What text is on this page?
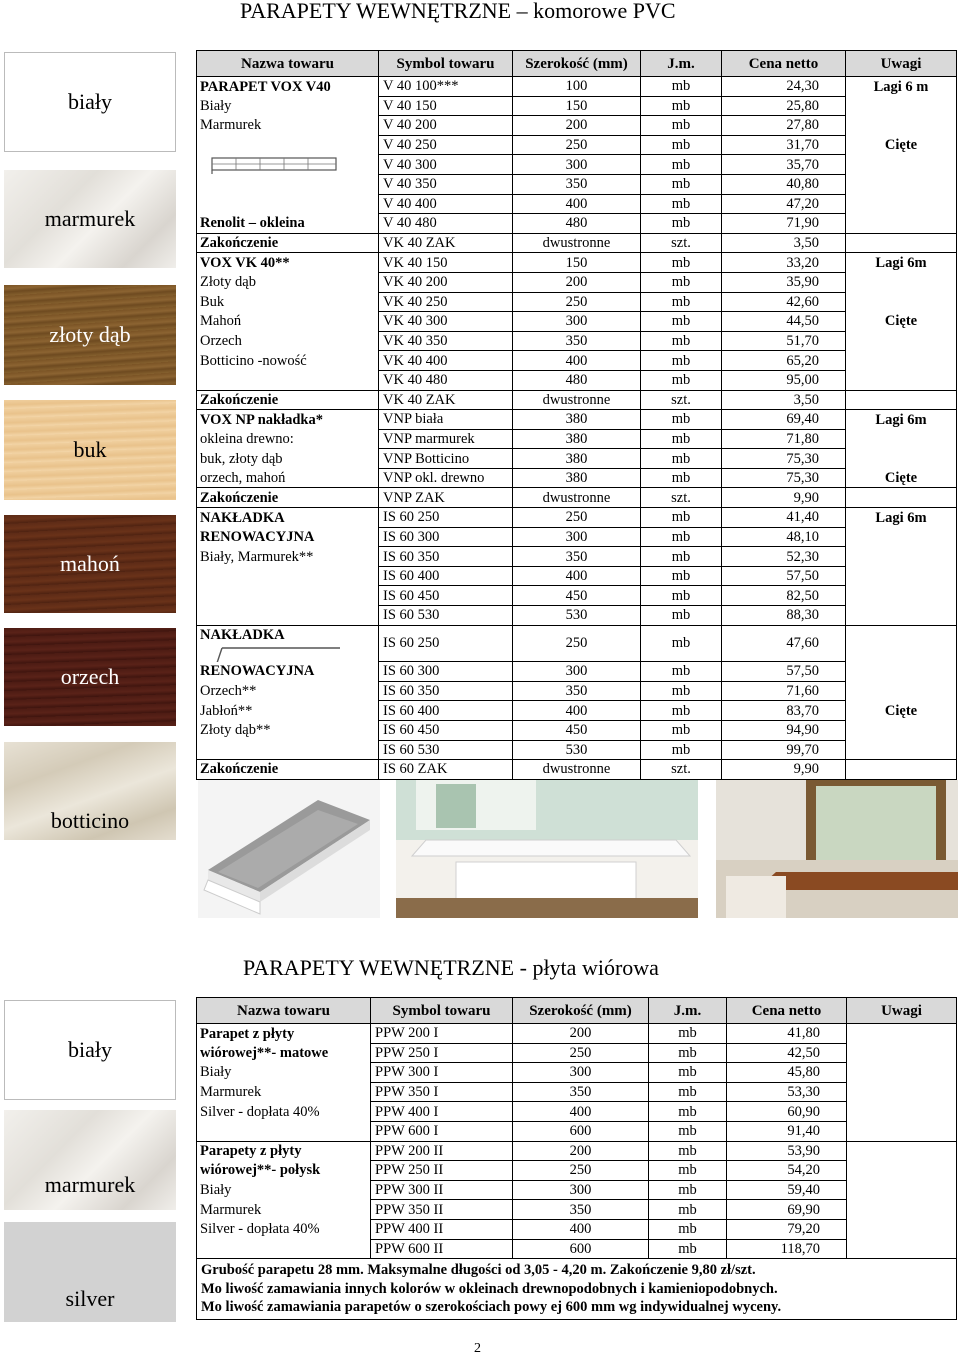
PARAPETY WEWNĘTRZNE – komorowe PVC
biały
marmurek
złoty dąb
buk
mahoń
orzech
botticino
Nazwa towaru	Symbol towaru	Szerokość (mm)	J.m.	Cena netto	Uwagi
PARAPET VOX V40	V 40 100***	100	mb	24,30	Lagi 6 m
Biały	V 40 150	150	mb	25,80	
Marmurek	V 40 200	200	mb	27,80	
	V 40 250	250	mb	31,70	Cięte

	V 40 300	300	mb	35,70	
	V 40 350	350	mb	40,80	
	V 40 400	400	mb	47,20	
Renolit – okleina	V 40 480	480	mb	71,90	
Zakończenie	VK 40 ZAK	dwustronne	szt.	3,50	
VOX VK 40**	VK 40 150	150	mb	33,20	Lagi 6m
Złoty dąb	VK 40 200	200	mb	35,90	
Buk	VK 40 250	250	mb	42,60	
Mahoń	VK 40 300	300	mb	44,50	Cięte
Orzech	VK 40 350	350	mb	51,70	
Botticino -nowość	VK 40 400	400	mb	65,20	
	VK 40 480	480	mb	95,00	
Zakończenie	VK 40 ZAK	dwustronne	szt.	3,50	
VOX NP nakładka*	VNP biała	380	mb	69,40	Lagi 6m
okleina drewno:	VNP marmurek	380	mb	71,80	
buk, złoty dąb	VNP Botticino	380	mb	75,30	
orzech, mahoń	VNP okl. drewno	380	mb	75,30	Cięte
Zakończenie	VNP ZAK	dwustronne	szt.	9,90	
NAKŁADKA	IS 60 250	250	mb	41,40	Lagi 6m
RENOWACYJNA	IS 60 300	300	mb	48,10	
Biały, Marmurek**	IS 60 350	350	mb	52,30	
	IS 60 400	400	mb	57,50	
	IS 60 450	450	mb	82,50	
	IS 60 530	530	mb	88,30	
NAKŁADKA	IS 60 250	250	mb	47,60	
RENOWACYJNA	IS 60 300	300	mb	57,50	
Orzech**	IS 60 350	350	mb	71,60	
Jabłoń**	IS 60 400	400	mb	83,70	Cięte
Złoty dąb**	IS 60 450	450	mb	94,90	
	IS 60 530	530	mb	99,70	
Zakończenie	IS 60 ZAK	dwustronne	szt.	9,90	
PARAPETY WEWNĘTRZNE - płyta wiórowa
biały
marmurek
silver
Nazwa towaru	Symbol towaru	Szerokość (mm)	J.m.	Cena netto	Uwagi
Parapet z płyty	PPW 200 I	200	mb	41,80	
wiórowej**- matowe	PPW 250 I	250	mb	42,50	
Biały	PPW 300 I	300	mb	45,80	
Marmurek	PPW 350 I	350	mb	53,30	
Silver - dopłata 40%	PPW 400 I	400	mb	60,90	
	PPW 600 I	600	mb	91,40	
Parapety z płyty	PPW 200 II	200	mb	53,90	
wiórowej**- połysk	PPW 250 II	250	mb	54,20	
Biały	PPW 300 II	300	mb	59,40	
Marmurek	PPW 350 II	350	mb	69,90	
Silver - dopłata 40%	PPW 400 II	400	mb	79,20	
	PPW 600 II	600	mb	118,70	

Grubość parapetu 28 mm. Maksymalne długości od 3,05 - 4,20 m. Zakończenie 9,80 zł/szt.
Mo liwość zamawiania innych kolorów w okleinach drewnopodobnych i kamieniopodobnych.
Mo liwość zamawiania parapetów o szerokościach powy ej 600 mm wg indywidualnej wyceny.					
2
